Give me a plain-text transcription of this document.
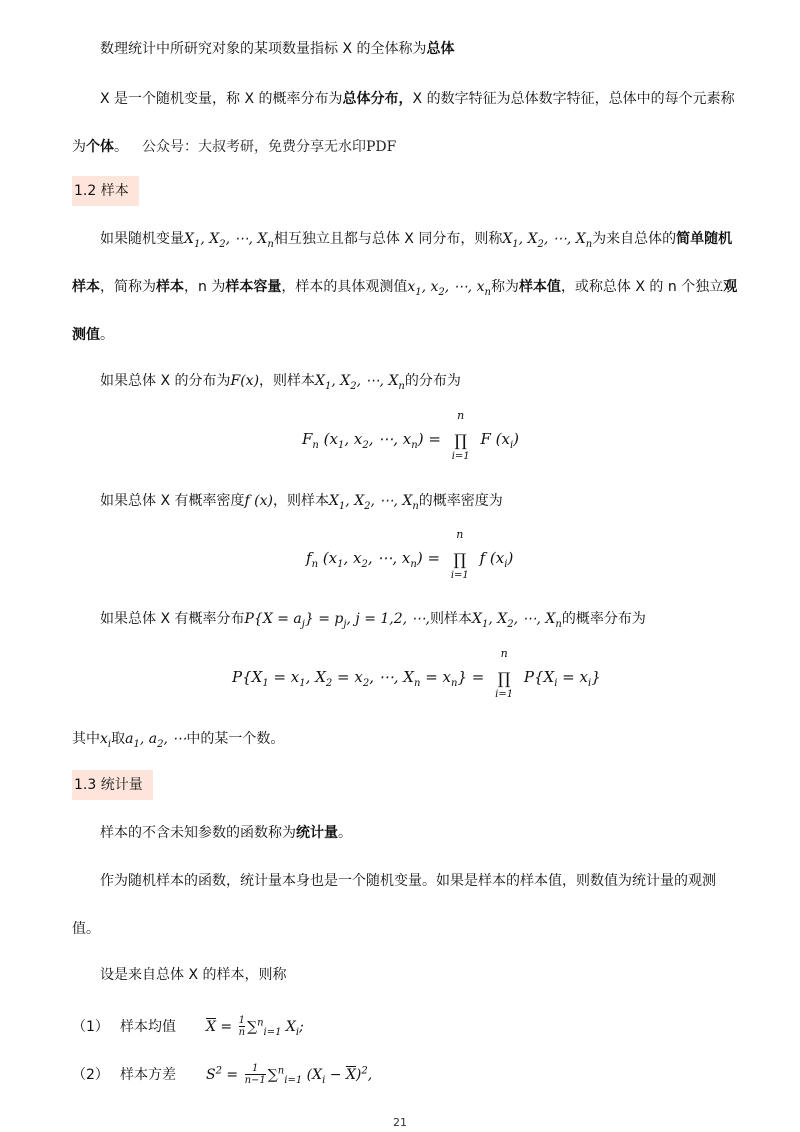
数理统计中所研究对象的某项数量指标 X 的全体称为总体
X 是一个随机变量，称 X 的概率分布为总体分布，X 的数字特征为总体数字特征，总体中的每个元素称
为个体。 公众号：大叔考研，免费分享无水印PDF
1.2 样本
如果随机变量$X_1$, $X_2$, ⋯, $X_n$相互独立且都与总体 X 同分布，则称$X_1$, $X_2$, ⋯, $X_n$为来自总体的简单随机
样本，简称为样本，n 为样本容量，样本的具体观测值$x_1$, $x_2$, ⋯, $x_n$称为样本值，或称总体 X 的 n 个独立观
测值。
如果总体 X 的分布为F(x)，则样本$X_1$, $X_2$, ⋯, $X_n$的分布为
$F_n$ ($x_1$, $x_2$, ⋯, $x_n$) =
n
∏
i=1
F $(x_i)$
如果总体 X 有概率密度f (x)，则样本$X_1$, $X_2$, ⋯, $X_n$的概率密度为
$f_n$ ($x_1$, $x_2$, ⋯, $x_n$) =
n
∏
i=1
f $(x_i)$
如果总体 X 有概率分布$P\{X = a_j\} = p_j$, j = 1,2, ⋯,则样本$X_1$, $X_2$, ⋯, $X_n$的概率分布为
$P\{X_1 = x_1$, $X_2 = x_2$, ⋯, $X_n = x_n$} =
n
∏
i=1
$P\{X_i = x_i\}$
其中$x_i$取$a_1$, $a_2$, ⋯中的某一个数。
1.3 统计量
样本的不含未知参数的函数称为统计量。
作为随机样本的函数，统计量本身也是一个随机变量。如果是样本的样本值，则数值为统计量的观测
值。
设是来自总体 X 的样本，则称
（1） 样本均值 $\overline{X} = \frac{1}{n} \sum^n_{i=1}$ $X_i$;
（2） 样本方差 $S^2 = \frac{1}{n-1} \sum^n_{i=1}$ $(X_i - \overline{X})^2$,
21
